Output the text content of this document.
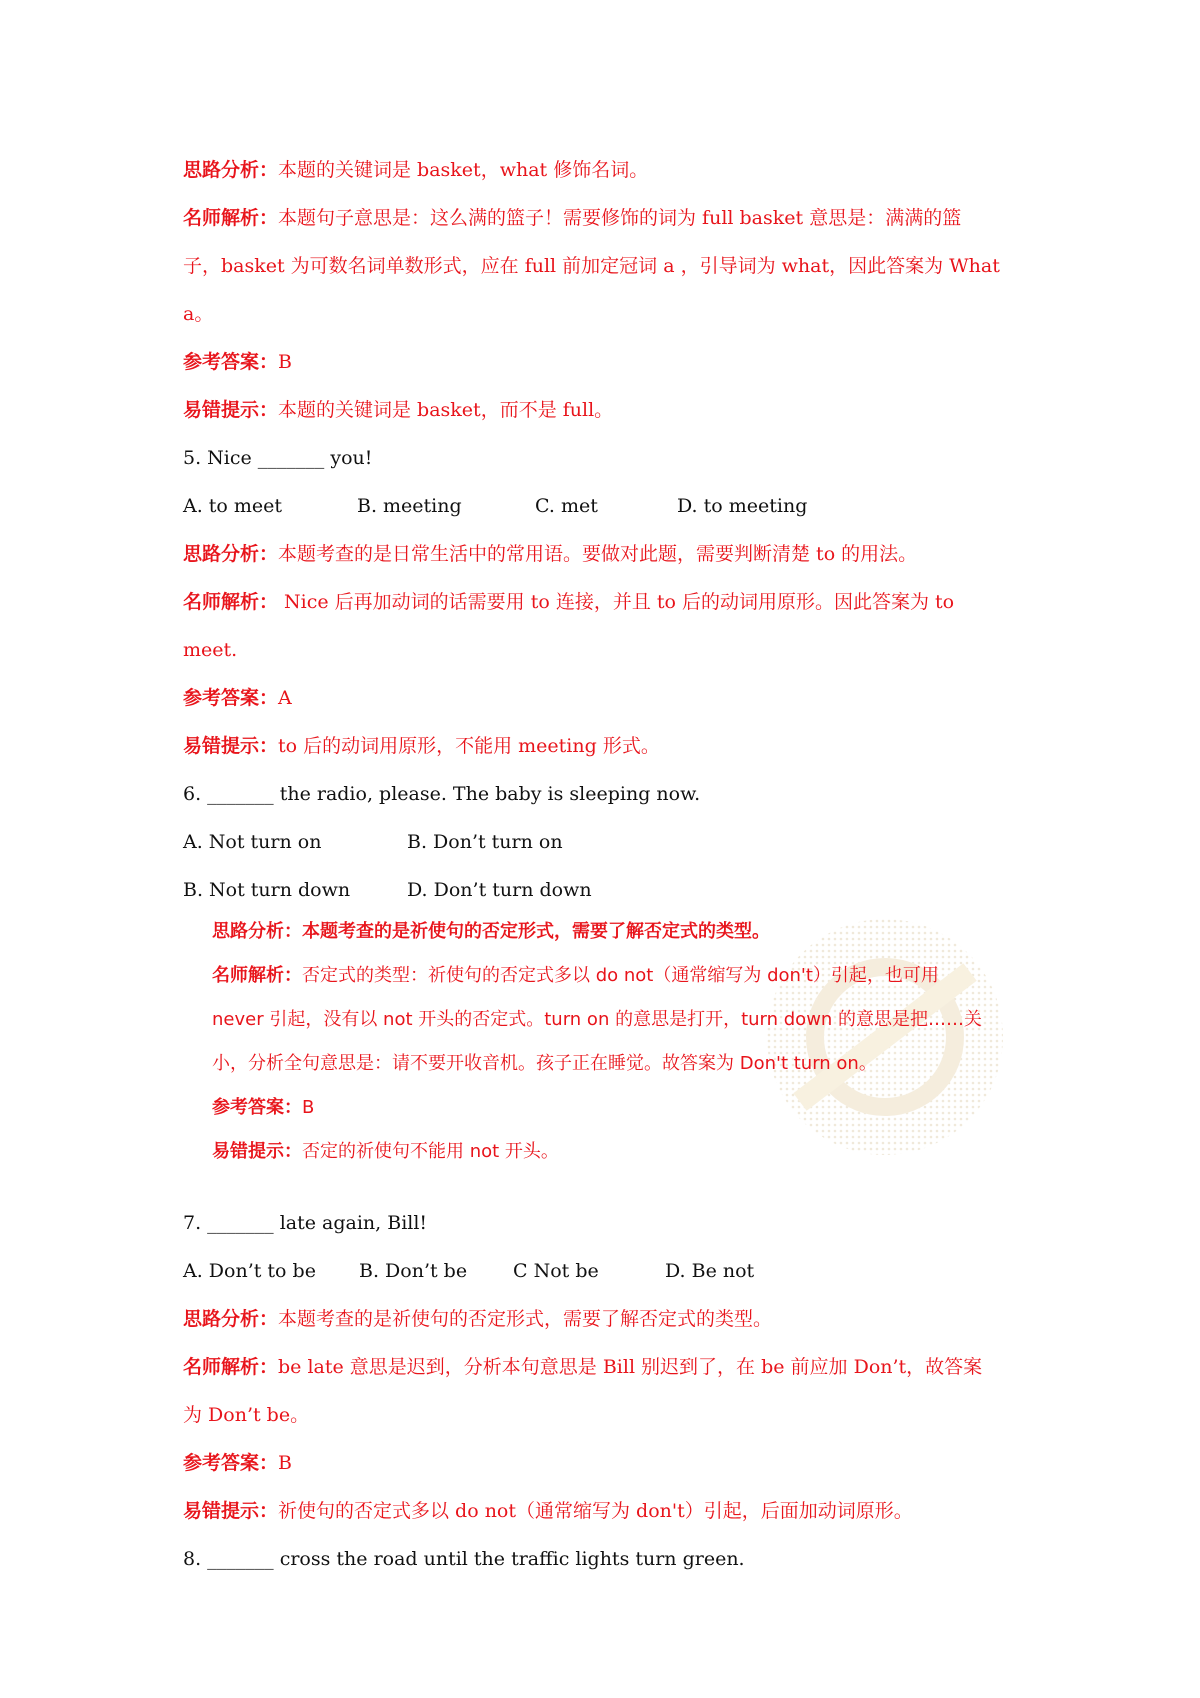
思路分析：本题的关键词是 basket，what 修饰名词。
名师解析：本题句子意思是：这么满的篮子！需要修饰的词为 full basket 意思是：满满的篮
子，basket 为可数名词单数形式，应在 full 前加定冠词 a ，引导词为 what，因此答案为 What
a。
参考答案：B
易错提示：本题的关键词是 basket，而不是 full。
5. Nice _______ you!
A. to meet	B. meeting	C. met	D. to meeting
思路分析：本题考查的是日常生活中的常用语。要做对此题，需要判断清楚 to 的用法。
名师解析： Nice 后再加动词的话需要用 to 连接，并且 to 后的动词用原形。因此答案为 to
meet.
参考答案：A
易错提示：to 后的动词用原形，不能用 meeting 形式。
6. _______ the radio, please. The baby is sleeping now.
A. Not turn on	B. Don’t turn on
B. Not turn down	D. Don’t turn down
思路分析：本题考查的是祈使句的否定形式，需要了解否定式的类型。
名师解析：否定式的类型：祈使句的否定式多以 do not（通常缩写为 don't）引起，也可用
never 引起，没有以 not 开头的否定式。turn on 的意思是打开，turn down 的意思是把……关
小，分析全句意思是：请不要开收音机。孩子正在睡觉。故答案为 Don't turn on。
参考答案：B
易错提示：否定的祈使句不能用 not 开头。
7. _______ late again, Bill!
A. Don’t to be B. Don’t be C Not be	D. Be not
思路分析：本题考查的是祈使句的否定形式，需要了解否定式的类型。
名师解析：be late 意思是迟到，分析本句意思是 Bill 别迟到了，在 be 前应加 Don’t，故答案
为 Don’t be。
参考答案：B
易错提示：祈使句的否定式多以 do not（通常缩写为 don't）引起，后面加动词原形。
8. _______ cross the road until the traffic lights turn green.
